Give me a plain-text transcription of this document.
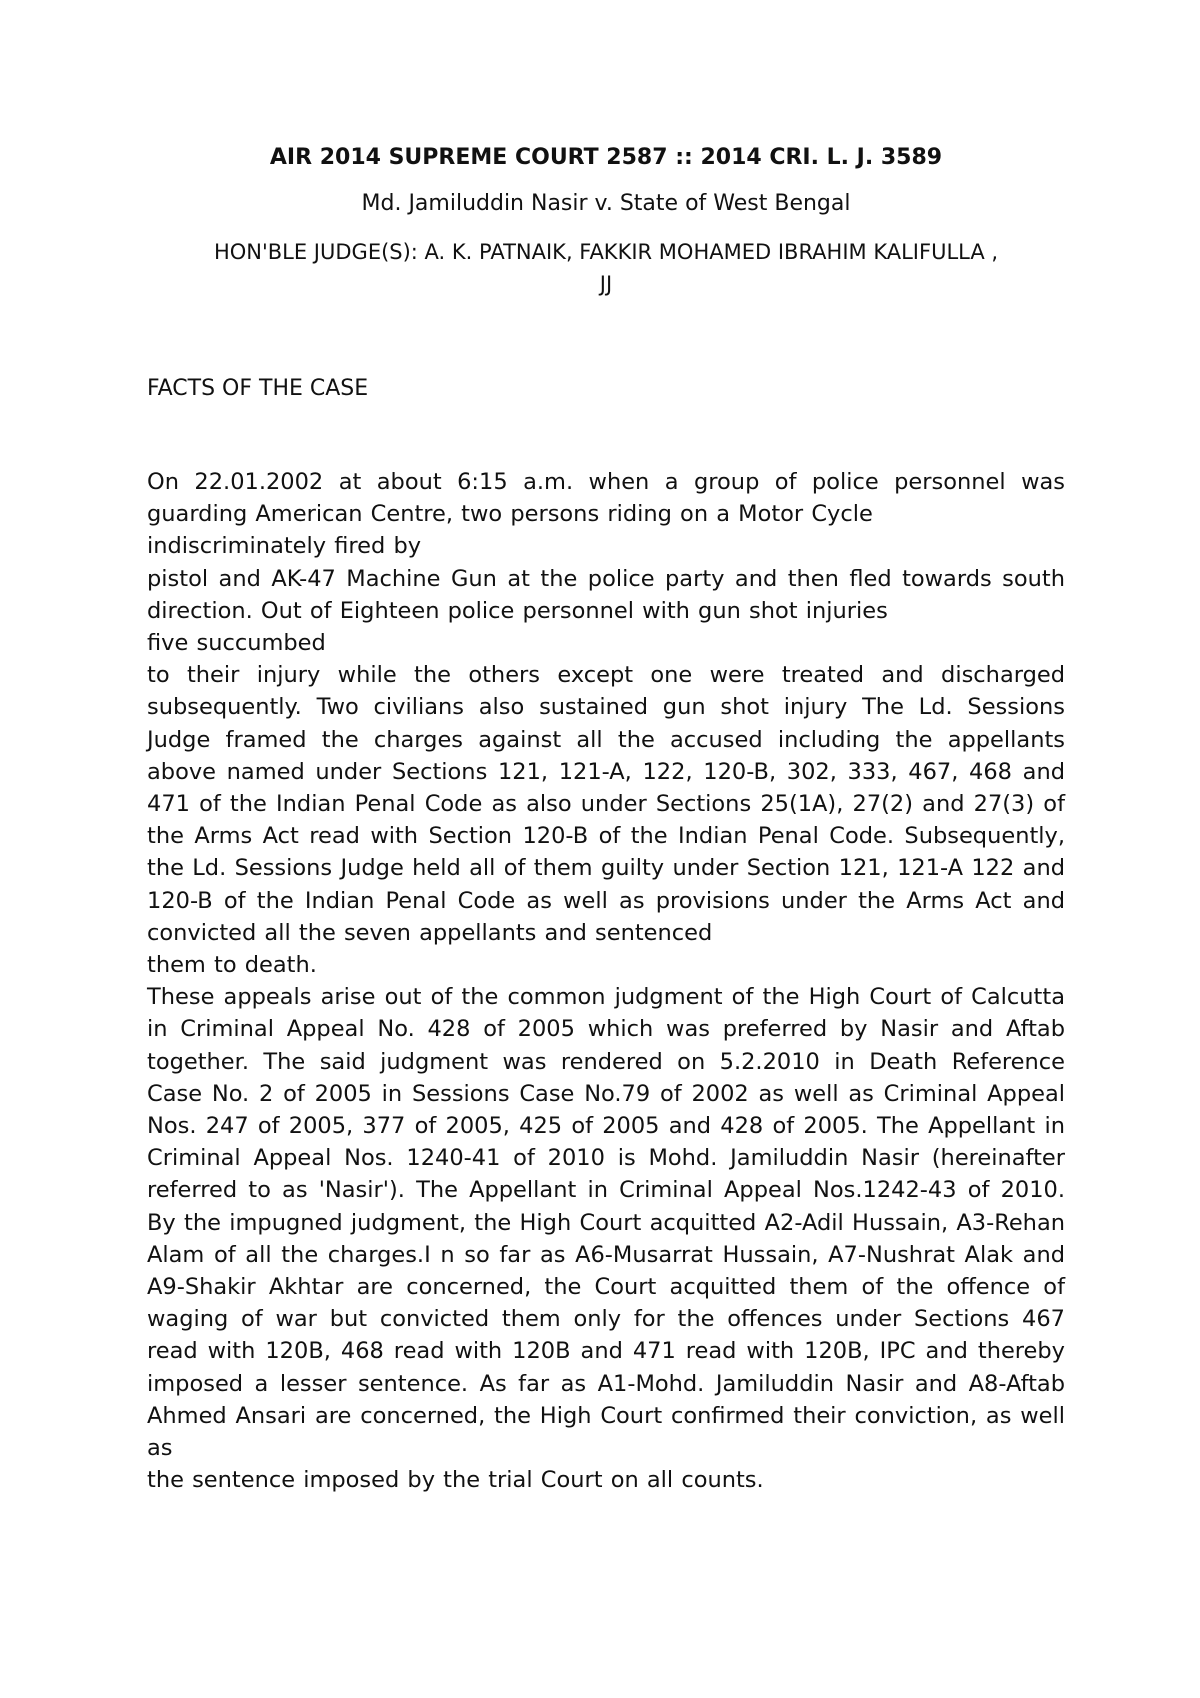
AIR 2014 SUPREME COURT 2587 :: 2014 CRI. L. J. 3589

Md. Jamiluddin Nasir v. State of West Bengal

HON'BLE JUDGE(S): A. K. PATNAIK, FAKKIR MOHAMED IBRAHIM KALIFULLA ,
JJ

FACTS OF THE CASE

On 22.01.2002 at about 6:15 a.m. when a group of police personnel was guarding American Centre, two persons riding on a Motor Cycle

indiscriminately fired by

pistol and AK-47 Machine Gun at the police party and then fled towards south direction. Out of Eighteen police personnel with gun shot injuries

five succumbed

to their injury while the others except one were treated and discharged subsequently. Two civilians also sustained gun shot injury The Ld. Sessions Judge framed the charges against all the accused including the appellants above named under Sections 121, 121-A, 122, 120-B, 302, 333, 467, 468 and 471 of the Indian Penal Code as also under Sections 25(1A), 27(2) and 27(3) of the Arms Act read with Section 120-B of the Indian Penal Code. Subsequently, the Ld. Sessions Judge held all of them guilty under Section 121, 121-A 122 and 120-B of the Indian Penal Code as well as provisions under the Arms Act and convicted all the seven appellants and sentenced

them to death.

These appeals arise out of the common judgment of the High Court of Calcutta in Criminal Appeal No. 428 of 2005 which was preferred by Nasir and Aftab together. The said judgment was rendered on 5.2.2010 in Death Reference Case No. 2 of 2005 in Sessions Case No.79 of 2002 as well as Criminal Appeal Nos. 247 of 2005, 377 of 2005, 425 of 2005 and 428 of 2005. The Appellant in Criminal Appeal Nos. 1240-41 of 2010 is Mohd. Jamiluddin Nasir (hereinafter referred to as 'Nasir'). The Appellant in Criminal Appeal Nos.1242-43 of 2010. By the impugned judgment, the High Court acquitted A2-Adil Hussain, A3-Rehan Alam of all the charges.I n so far as A6-Musarrat Hussain, A7-Nushrat Alak and A9-Shakir Akhtar are concerned, the Court acquitted them of the offence of waging of war but convicted them only for the offences under Sections 467 read with 120B, 468 read with 120B and 471 read with 120B, IPC and thereby imposed a lesser sentence. As far as A1-Mohd. Jamiluddin Nasir and A8-Aftab Ahmed Ansari are concerned, the High Court confirmed their conviction, as well as

the sentence imposed by the trial Court on all counts.
